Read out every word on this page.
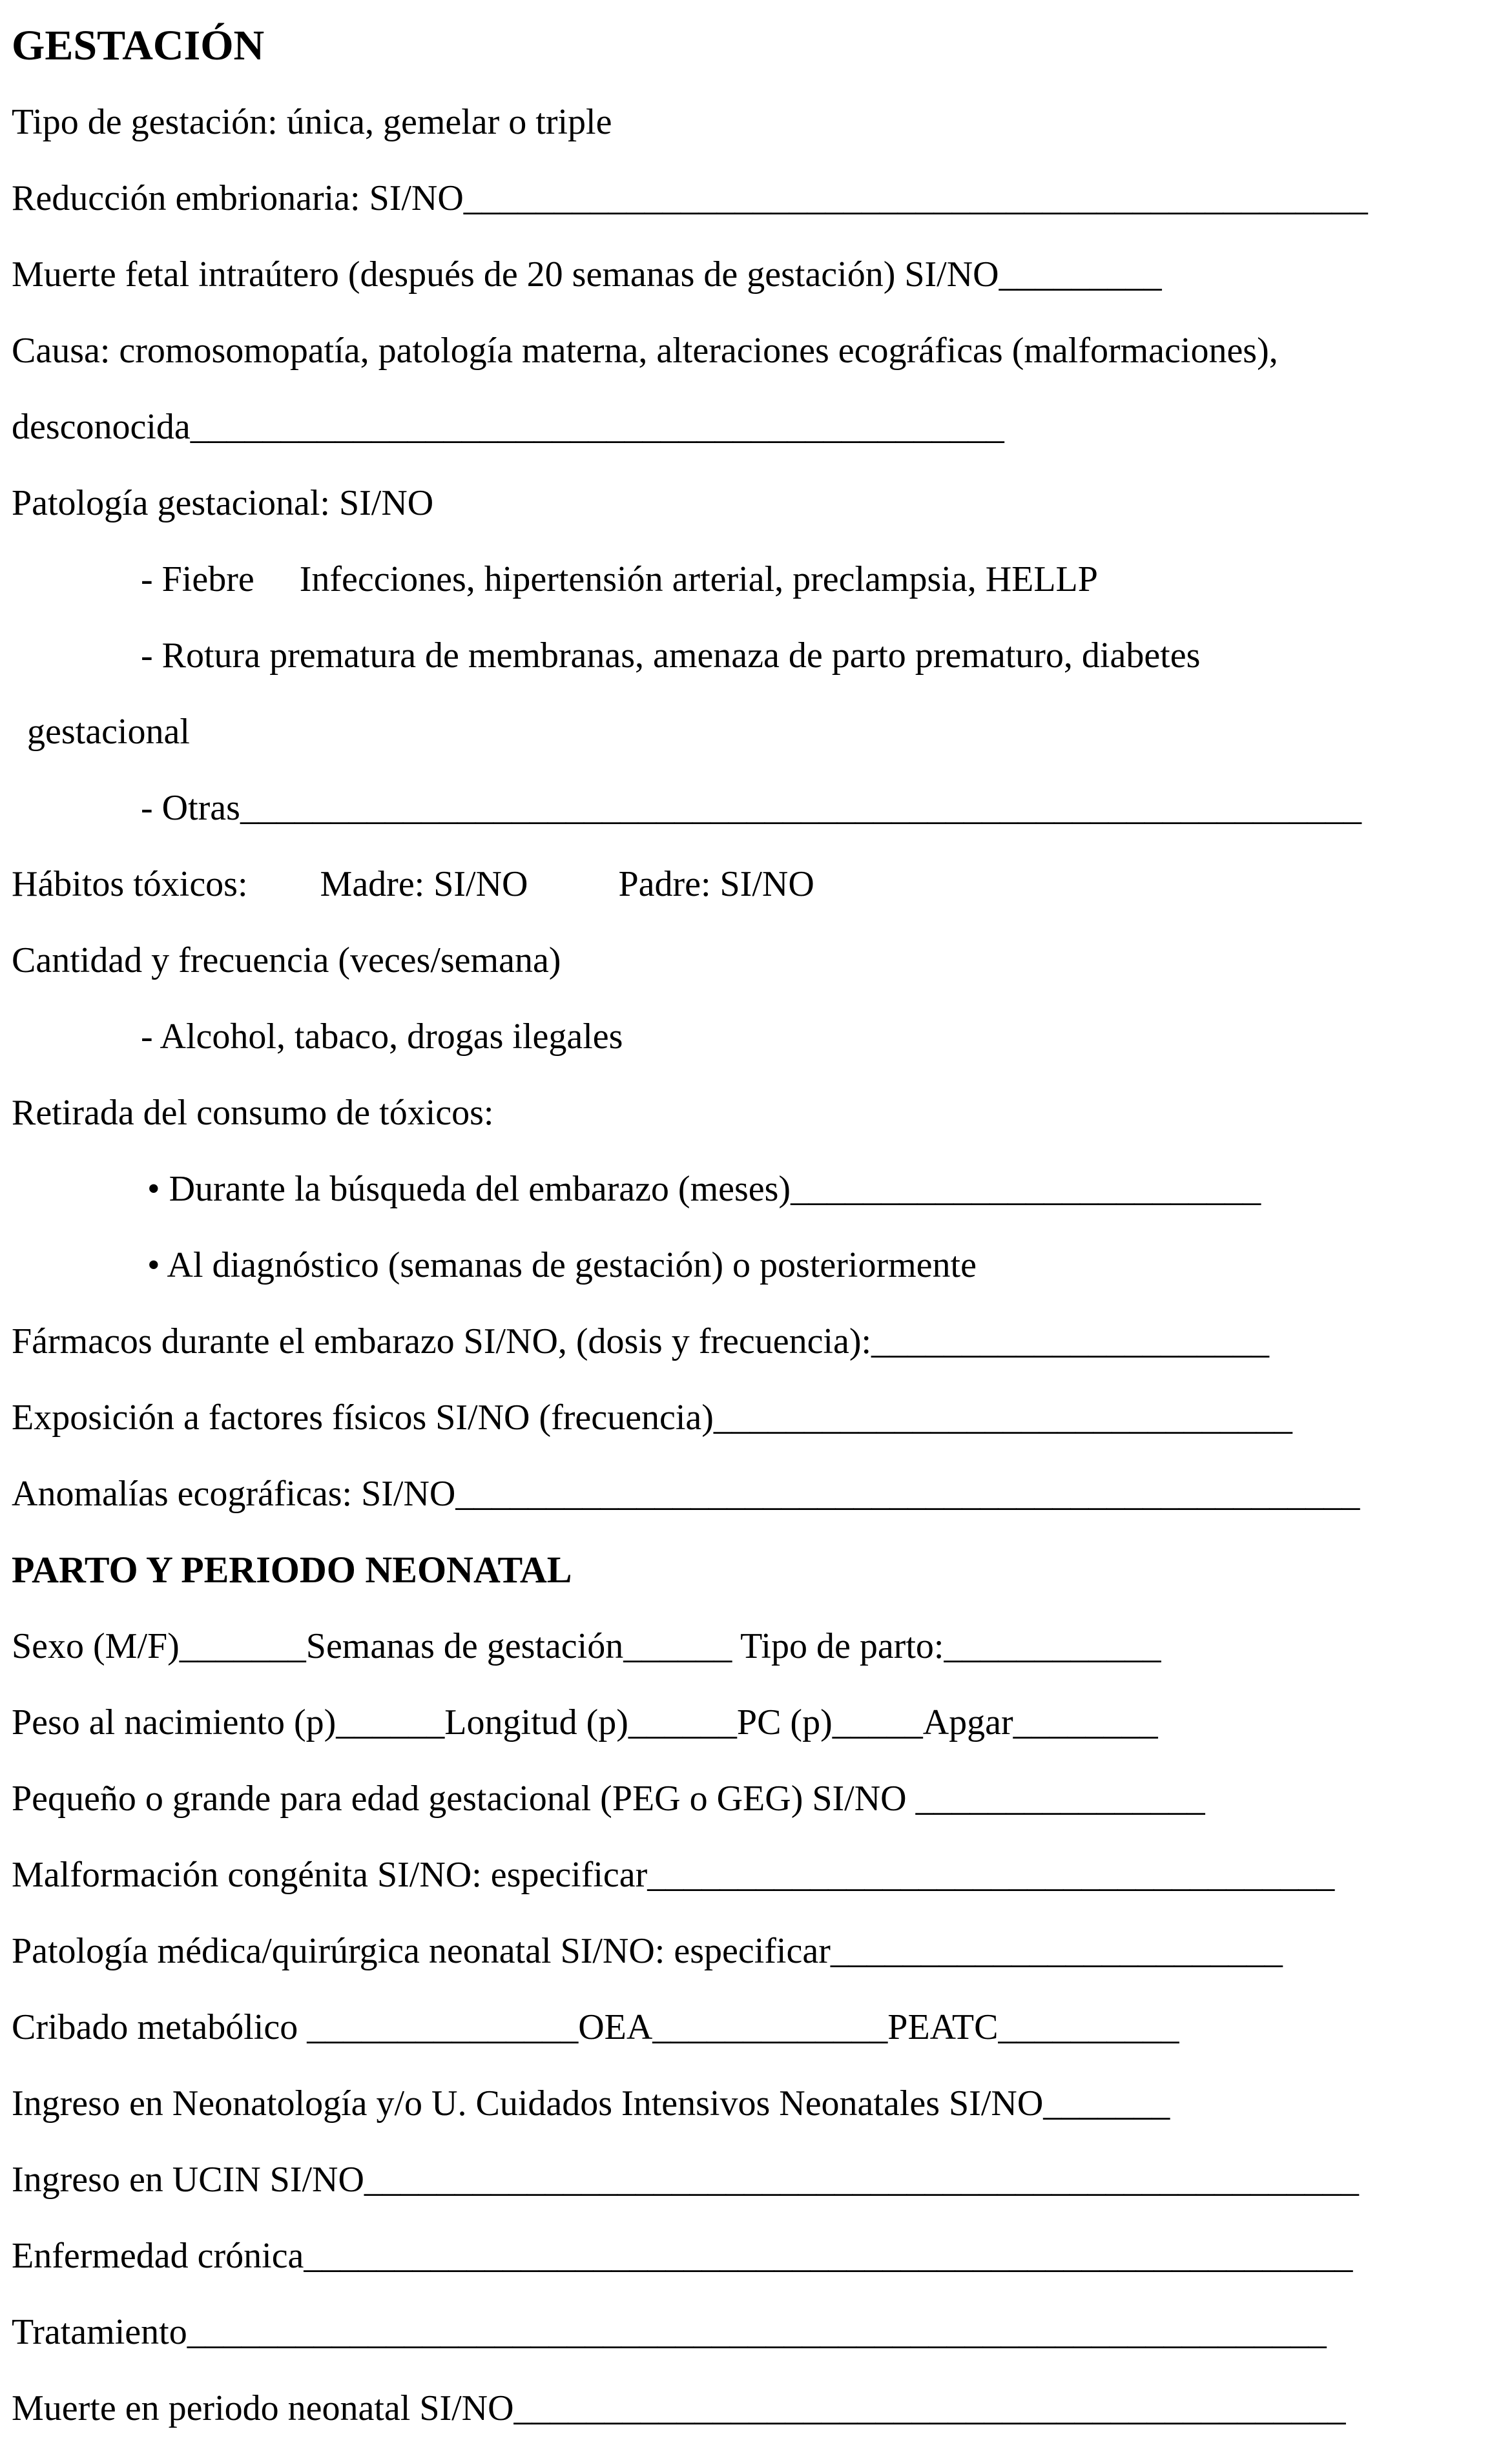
GESTACIÓN
Tipo de gestación: única, gemelar o triple
Reducción embrionaria: SI/NO__________________________________________________
Muerte fetal intraútero (después de 20 semanas de gestación) SI/NO_________
Causa: cromosomopatía, patología materna, alteraciones ecográficas (malformaciones),
desconocida_____________________________________________
Patología gestacional: SI/NO
- Fiebre     Infecciones, hipertensión arterial, preclampsia, HELLP
- Rotura prematura de membranas, amenaza de parto prematuro, diabetes
gestacional
- Otras______________________________________________________________
Hábitos tóxicos:        Madre: SI/NO          Padre: SI/NO
Cantidad y frecuencia (veces/semana)
- Alcohol, tabaco, drogas ilegales
Retirada del consumo de tóxicos:
• Durante la búsqueda del embarazo (meses)__________________________
• Al diagnóstico (semanas de gestación) o posteriormente
Fármacos durante el embarazo SI/NO, (dosis y frecuencia):______________________
Exposición a factores físicos SI/NO (frecuencia)________________________________
Anomalías ecográficas: SI/NO__________________________________________________
PARTO Y PERIODO NEONATAL
Sexo (M/F)_______Semanas de gestación______ Tipo de parto:____________
Peso al nacimiento (p)______Longitud (p)______PC (p)_____Apgar________
Pequeño o grande para edad gestacional (PEG o GEG) SI/NO ________________
Malformación congénita SI/NO: especificar______________________________________
Patología médica/quirúrgica neonatal SI/NO: especificar_________________________
Cribado metabólico _______________OEA_____________PEATC__________
Ingreso en Neonatología y/o U. Cuidados Intensivos Neonatales SI/NO_______
Ingreso en UCIN SI/NO_______________________________________________________
Enfermedad crónica__________________________________________________________
Tratamiento_______________________________________________________________
Muerte en periodo neonatal SI/NO______________________________________________
